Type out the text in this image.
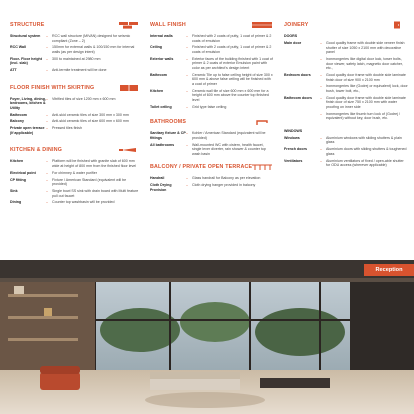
STRUCTURE
Structural system	–	RCC wall structure (MIVAN) designed for seismic compliant (Zone – 2)
RCC Wall	–	150mm for external walls & 100/150 mm for internal walls (as per design intent)
Floor- Floor height (incl. slab)
–	300 to maintained at 2980 mm
ATT	–	Anti-termite treatment will be done
FLOOR FINISH WITH SKIRTING
Foyer, Living, dining, bedrooms, kitchen & Utility
–	Vitrified tiles of size 1200 mm x 600 mm
Bathroom	–	Anti-skid ceramic tiles of size 300 mm x 300 mm
Balcony	–	Anti-skid ceramic tiles of size 600 mm x 600 mm
Private open terrace (If applicable)
–	Pressed tiles finish
KITCHEN & DINING
Kitchen	–	Platform will be finished with granite slab of 600 mm wide at height of 800 mm from the finished floor level
Electrical point	–	For chimney & water purifier
CP fitting	–	Fixture / American Standard (equivalent will be provided)
Sink	–	Single bowl SS sink with drain board with Multi feature pull out faucet
Dining	–	Counter top washbasin will be provided
WALL FINISH
Internal walls	–	Finished with 2 coats of putty, 1 coat of primer & 2 coats of emulsion
Ceiling	–	Finished with 2 coats of putty, 1 coat of primer & 2 coats of emulsion
Exterior walls	–	Exterior faces of the building finished with 1 coat of primer & 2 coats of exterior Emulsion paint with color as per architect's design intent
Bathroom	–	Ceramic Tile up to false ceiling height of size 300 x 600 mm & above false ceiling will be finished with a coat of primer
Kitchen	–	Ceramic wall tile of size 600 mm x 600 mm for a height of 600 mm above the counter top finished level
Toilet ceiling	–	Grid type false ceiling
BATHROOMS
Sanitary fixture & CP fittings
–	Kohler / American Standard (equivalent will be provided)
All bathrooms	–	Wall-mounted WC with cistern, health faucet, single lever diverter, rain shower & counter top wash basin
BALCONY / PRIVATE OPEN TERRACE
Handrail	–	Glass handrail for Balcony as per elevation
Cloth Drying Provision
–	Cloth drying hanger provided in balcony
JOINERY
DOORS
Main door	–	Good quality frame with double side veneer finish shutter of size 1050 x 2100 mm with decorative panel
–	Ironmongeries like digital door lock, tower bolts, door viewer, safety latch, magnetic door catcher, etc.,
Bedroom doors	–	Good quality door frame with double side laminate finish door of size 900 x 2100 mm
–	Ironmongeries like (Godrej or equivalent) lock, door bush, tower bolt, etc.,
Bathroom doors	–	Good quality door frame with double side laminate finish door of size 750 x 2100 mm with water proofing on inner side
–	Ironmongeries like thumb turn lock of (Godrej / equivalent) without key, door bush, etc.
WINDOWS
Windows	–	Aluminium windows with sliding shutters & plain glass
French doors	–	Aluminium doors with sliding shutters & toughened glass
Ventilators	–	Aluminium ventilators of fixed / open-able shutter for ODU access (wherever applicable)
Reception
